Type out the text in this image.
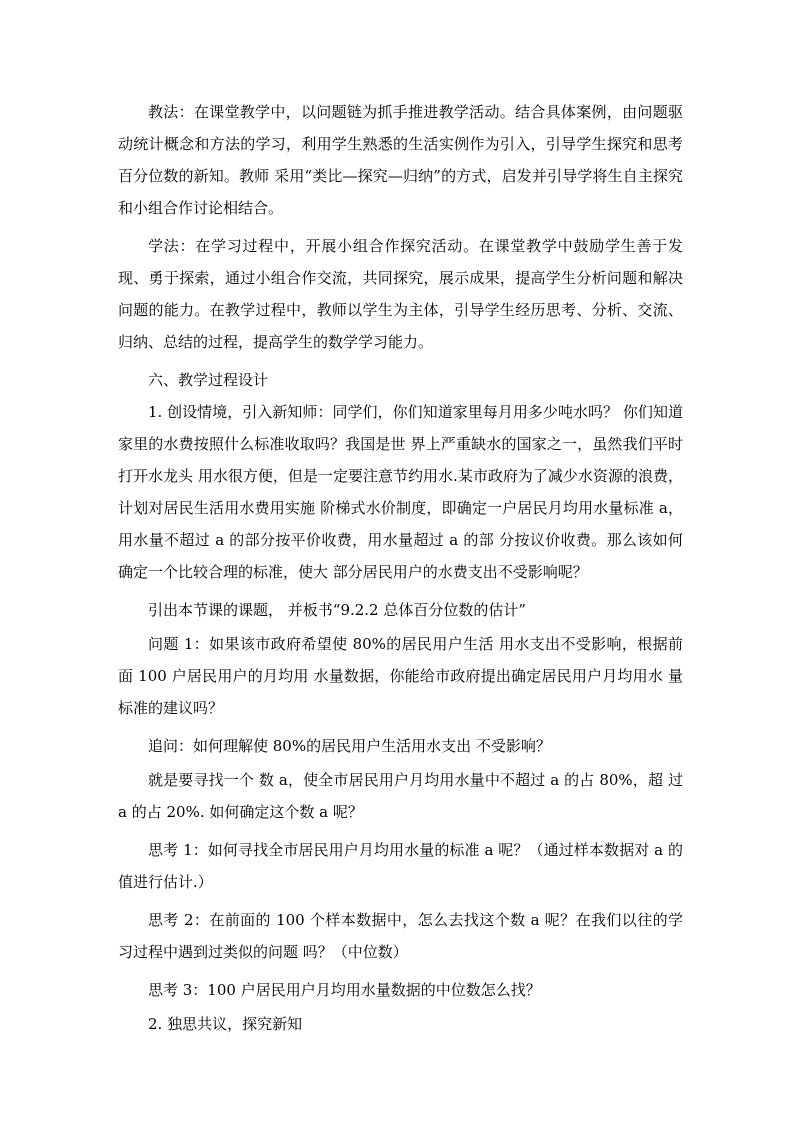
教法：在课堂教学中，以问题链为抓手推进教学活动。结合具体案例，由问题驱动统计概念和方法的学习，利用学生熟悉的生活实例作为引入，引导学生探究和思考百分位数的新知。教师 采用“类比—探究—归纳”的方式，启发并引导学将生自主探究和小组合作讨论相结合。

学法：在学习过程中，开展小组合作探究活动。在课堂教学中鼓励学生善于发现、勇于探索，通过小组合作交流，共同探究，展示成果，提高学生分析问题和解决问题的能力。在教学过程中，教师以学生为主体，引导学生经历思考、分析、交流、归纳、总结的过程，提高学生的数学学习能力。

六、教学过程设计

1. 创设情境，引入新知师：同学们，你们知道家里每月用多少吨水吗？ 你们知道家里的水费按照什么标准收取吗？我国是世 界上严重缺水的国家之一，虽然我们平时打开水龙头 用水很方便，但是一定要注意节约用水.某市政府为了减少水资源的浪费，计划对居民生活用水费用实施 阶梯式水价制度，即确定一户居民月均用水量标准 a，用水量不超过 a 的部分按平价收费，用水量超过 a 的部 分按议价收费。那么该如何确定一个比较合理的标准，使大 部分居民用户的水费支出不受影响呢？

引出本节课的课题， 并板书“9.2.2 总体百分位数的估计”

问题 1：如果该市政府希望使 80%的居民用户生活 用水支出不受影响，根据前面 100 户居民用户的月均用 水量数据，你能给市政府提出确定居民用户月均用水 量标准的建议吗？

追问：如何理解使 80%的居民用户生活用水支出 不受影响？

就是要寻找一个 数 a，使全市居民用户月均用水量中不超过 a 的占 80%，超 过 a 的占 20%. 如何确定这个数 a 呢？

思考 1：如何寻找全市居民用户月均用水量的标准 a 呢？（通过样本数据对 a 的值进行估计.）

思考 2：在前面的 100 个样本数据中，怎么去找这个数 a 呢？在我们以往的学习过程中遇到过类似的问题 吗？（中位数）

思考 3：100 户居民用户月均用水量数据的中位数怎么找？

2. 独思共议，探究新知
